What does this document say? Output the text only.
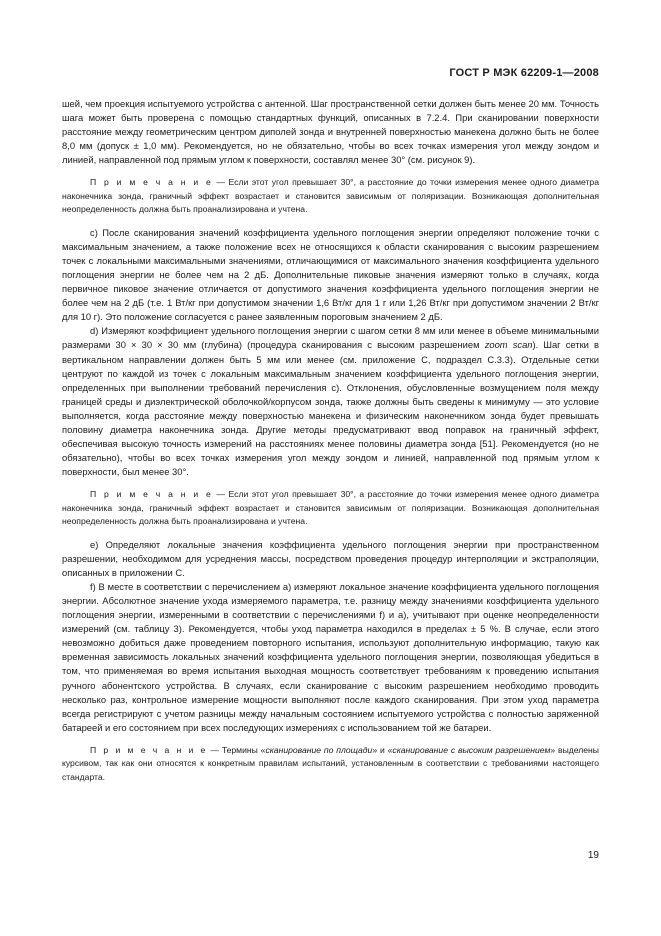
ГОСТ Р МЭК 62209-1—2008

шей, чем проекция испытуемого устройства с антенной. Шаг пространственной сетки должен быть менее 20 мм. Точность шага может быть проверена с помощью стандартных функций, описанных в 7.2.4. При сканировании поверхности расстояние между геометрическим центром диполей зонда и внутренней поверхностью манекена должно быть не более 8,0 мм (допуск ± 1,0 мм). Рекомендуется, но не обязательно, чтобы во всех точках измерения угол между зондом и линией, направленной под прямым углом к поверхности, составлял менее 30° (см. рисунок 9).

П р и м е ч а н и е — Если этот угол превышает 30°, а расстояние до точки измерения менее одного диаметра наконечника зонда, граничный эффект возрастает и становится зависимым от поляризации. Возникающая дополнительная неопределенность должна быть проанализирована и учтена.

c) После сканирования значений коэффициента удельного поглощения энергии определяют положение точки с максимальным значением, а также положение всех не относящихся к области сканирования с высоким разрешением точек с локальными максимальными значениями, отличающимися от максимального значения коэффициента удельного поглощения энергии не более чем на 2 дБ. Дополнительные пиковые значения измеряют только в случаях, когда первичное пиковое значение отличается от допустимого значения коэффициента удельного поглощения энергии не более чем на 2 дБ (т.е. 1 Вт/кг при допустимом значении 1,6 Вт/кг для 1 г или 1,26 Вт/кг при допустимом значении 2 Вт/кг для 10 г). Это положение согласуется с ранее заявленным пороговым значением 2 дБ.

d) Измеряют коэффициент удельного поглощения энергии с шагом сетки 8 мм или менее в объеме минимальными размерами 30 × 30 × 30 мм (глубина) (процедура сканирования с высоким разрешением zoom scan). Шаг сетки в вертикальном направлении должен быть 5 мм или менее (см. приложение С, подраздел С.3.3). Отдельные сетки центруют по каждой из точек с локальным максимальным значением коэффициента удельного поглощения энергии, определенных при выполнении требований перечисления с). Отклонения, обусловленные возмущением поля между границей среды и диэлектрической оболочкой/корпусом зонда, также должны быть сведены к минимуму — это условие выполняется, когда расстояние между поверхностью манекена и физическим наконечником зонда будет превышать половину диаметра наконечника зонда. Другие методы предусматривают ввод поправок на граничный эффект, обеспечивая высокую точность измерений на расстояниях менее половины диаметра зонда [51]. Рекомендуется (но не обязательно), чтобы во всех точках измерения угол между зондом и линией, направленной под прямым углом к поверхности, был менее 30°.

П р и м е ч а н и е — Если этот угол превышает 30°, а расстояние до точки измерения менее одного диаметра наконечника зонда, граничный эффект возрастает и становится зависимым от поляризации. Возникающая дополнительная неопределенность должна быть проанализирована и учтена.

e) Определяют локальные значения коэффициента удельного поглощения энергии при пространственном разрешении, необходимом для усреднения массы, посредством проведения процедур интерполяции и экстраполяции, описанных в приложении С.

f) В месте в соответствии с перечислением а) измеряют локальное значение коэффициента удельного поглощения энергии. Абсолютное значение ухода измеряемого параметра, т.е. разницу между значениями коэффициента удельного поглощения энергии, измеренными в соответствии с перечислениями f) и а), учитывают при оценке неопределенности измерений (см. таблицу 3). Рекомендуется, чтобы уход параметра находился в пределах ± 5 %. В случае, если этого невозможно добиться даже проведением повторного испытания, используют дополнительную информацию, такую как временная зависимость локальных значений коэффициента удельного поглощения энергии, позволяющая убедиться в том, что применяемая во время испытания выходная мощность соответствует требованиям к проведению испытания ручного абонентского устройства. В случаях, если сканирование с высоким разрешением необходимо проводить несколько раз, контрольное измерение мощности выполняют после каждого сканирования. При этом уход параметра всегда регистрируют с учетом разницы между начальным состоянием испытуемого устройства с полностью заряженной батареей и его состоянием при всех последующих измерениях с использованием той же батареи.

П р и м е ч а н и е — Термины «сканирование по площади» и «сканирование с высоким разрешением» выделены курсивом, так как они относятся к конкретным правилам испытаний, установленным в соответствии с требованиями настоящего стандарта.

19
